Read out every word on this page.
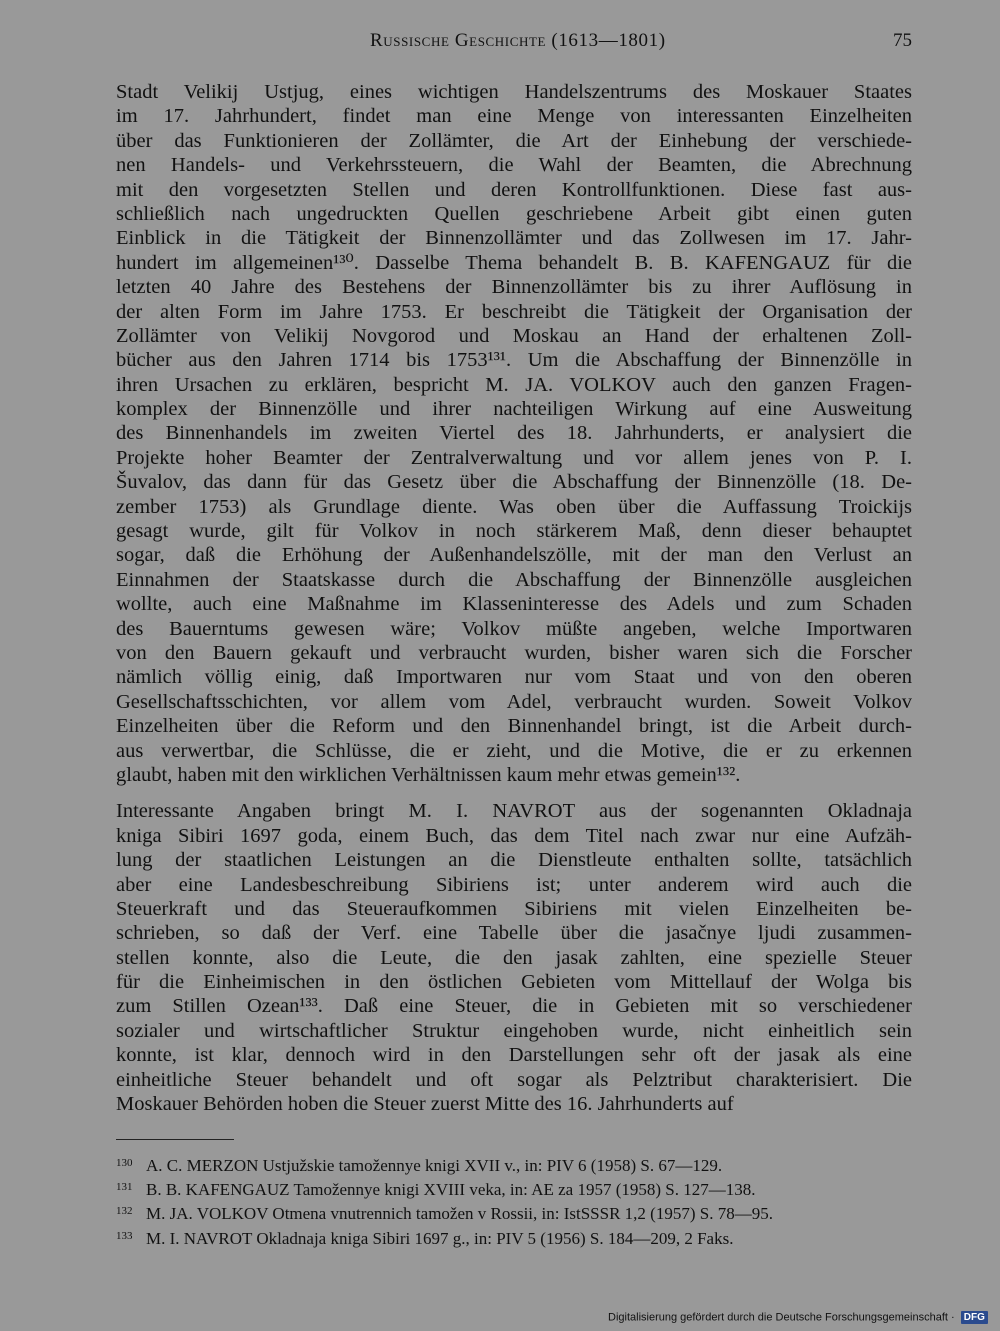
Russische Geschichte (1613—1801)	75
Stadt Velikij Ustjug, eines wichtigen Handelszentrums des Moskauer Staates
im 17. Jahrhundert, findet man eine Menge von interessanten Einzelheiten
über das Funktionieren der Zollämter, die Art der Einhebung der verschiede-
nen Handels- und Verkehrssteuern, die Wahl der Beamten, die Abrechnung
mit den vorgesetzten Stellen und deren Kontrollfunktionen. Diese fast aus-
schließlich nach ungedruckten Quellen geschriebene Arbeit gibt einen guten
Einblick in die Tätigkeit der Binnenzollämter und das Zollwesen im 17. Jahr-
hundert im allgemeinen¹³⁰. Dasselbe Thema behandelt B. B. KAFENGAUZ für die
letzten 40 Jahre des Bestehens der Binnenzollämter bis zu ihrer Auflösung in
der alten Form im Jahre 1753. Er beschreibt die Tätigkeit der Organisation der
Zollämter von Velikij Novgorod und Moskau an Hand der erhaltenen Zoll-
bücher aus den Jahren 1714 bis 1753¹³¹. Um die Abschaffung der Binnenzölle in
ihren Ursachen zu erklären, bespricht M. JA. VOLKOV auch den ganzen Fragen-
komplex der Binnenzölle und ihrer nachteiligen Wirkung auf eine Ausweitung
des Binnenhandels im zweiten Viertel des 18. Jahrhunderts, er analysiert die
Projekte hoher Beamter der Zentralverwaltung und vor allem jenes von P. I.
Šuvalov, das dann für das Gesetz über die Abschaffung der Binnenzölle (18. De-
zember 1753) als Grundlage diente. Was oben über die Auffassung Troickijs
gesagt wurde, gilt für Volkov in noch stärkerem Maß, denn dieser behauptet
sogar, daß die Erhöhung der Außenhandelszölle, mit der man den Verlust an
Einnahmen der Staatskasse durch die Abschaffung der Binnenzölle ausgleichen
wollte, auch eine Maßnahme im Klasseninteresse des Adels und zum Schaden
des Bauerntums gewesen wäre; Volkov müßte angeben, welche Importwaren
von den Bauern gekauft und verbraucht wurden, bisher waren sich die Forscher
nämlich völlig einig, daß Importwaren nur vom Staat und von den oberen
Gesellschaftsschichten, vor allem vom Adel, verbraucht wurden. Soweit Volkov
Einzelheiten über die Reform und den Binnenhandel bringt, ist die Arbeit durch-
aus verwertbar, die Schlüsse, die er zieht, und die Motive, die er zu erkennen
glaubt, haben mit den wirklichen Verhältnissen kaum mehr etwas gemein¹³².
Interessante Angaben bringt M. I. NAVROT aus der sogenannten Okladnaja
kniga Sibiri 1697 goda, einem Buch, das dem Titel nach zwar nur eine Aufzäh-
lung der staatlichen Leistungen an die Dienstleute enthalten sollte, tatsächlich
aber eine Landesbeschreibung Sibiriens ist; unter anderem wird auch die
Steuerkraft und das Steueraufkommen Sibiriens mit vielen Einzelheiten be-
schrieben, so daß der Verf. eine Tabelle über die jasačnye ljudi zusammen-
stellen konnte, also die Leute, die den jasak zahlten, eine spezielle Steuer
für die Einheimischen in den östlichen Gebieten vom Mittellauf der Wolga bis
zum Stillen Ozean¹³³. Daß eine Steuer, die in Gebieten mit so verschiedener
sozialer und wirtschaftlicher Struktur eingehoben wurde, nicht einheitlich sein
konnte, ist klar, dennoch wird in den Darstellungen sehr oft der jasak als eine
einheitliche Steuer behandelt und oft sogar als Pelztribut charakterisiert. Die
Moskauer Behörden hoben die Steuer zuerst Mitte des 16. Jahrhunderts auf
130 A. C. MERZON Ustjužskie tamožennye knigi XVII v., in: PIV 6 (1958) S. 67—129.
131 B. B. KAFENGAUZ Tamožennye knigi XVIII veka, in: AE za 1957 (1958) S. 127—138.
132 M. JA. VOLKOV Otmena vnutrennich tamožen v Rossii, in: IstSSSR 1,2 (1957) S. 78—95.
133 M. I. NAVROT Okladnaja kniga Sibiri 1697 g., in: PIV 5 (1956) S. 184—209, 2 Faks.
Digitalisierung gefördert durch die Deutsche Forschungsgemeinschaft · DFG
